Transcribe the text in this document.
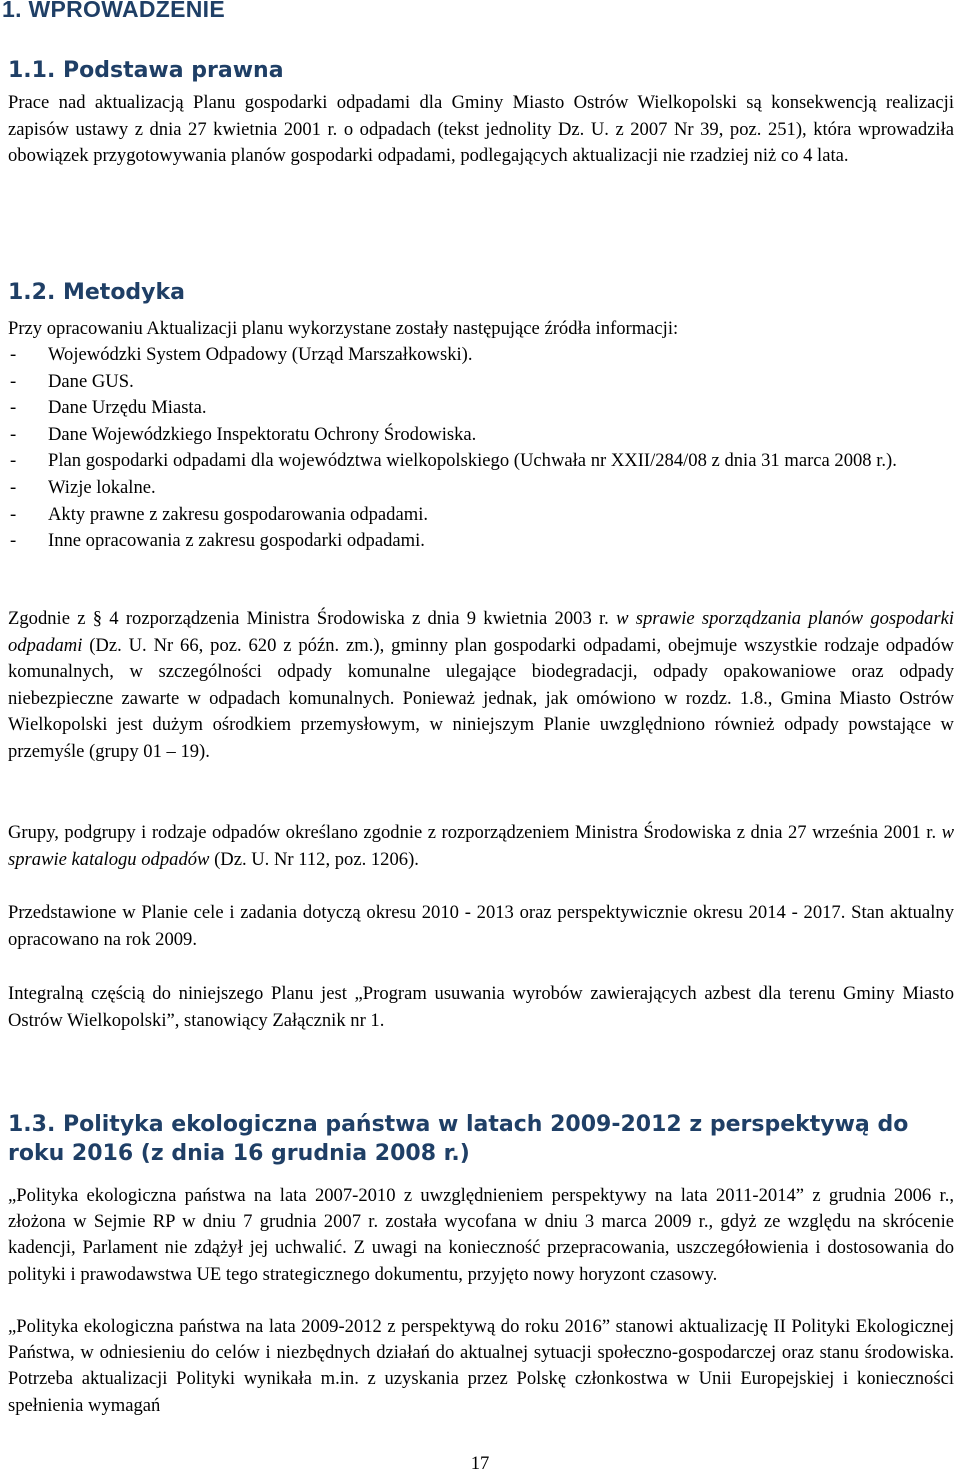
1. WPROWADZENIE
1.1. Podstawa prawna

Prace nad aktualizacją Planu gospodarki odpadami dla Gminy Miasto Ostrów Wielkopolski są konsekwencją realizacji zapisów ustawy z dnia 27 kwietnia 2001 r. o odpadach (tekst jednolity Dz. U. z 2007 Nr 39, poz. 251), która wprowadziła obowiązek przygotowywania planów gospodarki odpadami, podlegających aktualizacji nie rzadziej niż co 4 lata.

1.2. Metodyka

Przy opracowaniu Aktualizacji planu wykorzystane zostały następujące źródła informacji:

-	Wojewódzki System Odpadowy (Urząd Marszałkowski).
-	Dane GUS.
-	Dane Urzędu Miasta.
-	Dane Wojewódzkiego Inspektoratu Ochrony Środowiska.
-	Plan gospodarki odpadami dla województwa wielkopolskiego (Uchwała nr XXII/284/08 z dnia 31 marca 2008 r.).
-	Wizje lokalne.
-	Akty prawne z zakresu gospodarowania odpadami.
-	Inne opracowania z zakresu gospodarki odpadami.

Zgodnie z § 4 rozporządzenia Ministra Środowiska z dnia 9 kwietnia 2003 r. w sprawie sporządzania planów gospodarki odpadami (Dz. U. Nr 66, poz. 620 z późn. zm.), gminny plan gospodarki odpadami, obejmuje wszystkie rodzaje odpadów komunalnych, w szczególności odpady komunalne ulegające biodegradacji, odpady opakowaniowe oraz odpady niebezpieczne zawarte w odpadach komunalnych. Ponieważ jednak, jak omówiono w rozdz. 1.8., Gmina Miasto Ostrów Wielkopolski jest dużym ośrodkiem przemysłowym, w niniejszym Planie uwzględniono również odpady powstające w przemyśle (grupy 01 – 19).

Grupy, podgrupy i rodzaje odpadów określano zgodnie z rozporządzeniem Ministra Środowiska z dnia 27 września 2001 r. w sprawie katalogu odpadów (Dz. U. Nr 112, poz. 1206).

Przedstawione w Planie cele i zadania dotyczą okresu 2010 - 2013 oraz perspektywicznie okresu 2014 - 2017. Stan aktualny opracowano na rok 2009.

Integralną częścią do niniejszego Planu jest „Program usuwania wyrobów zawierających azbest dla terenu Gminy Miasto Ostrów Wielkopolski”, stanowiący Załącznik nr 1.

1.3. Polityka ekologiczna państwa w latach 2009-2012 z perspektywą do roku 2016 (z dnia 16 grudnia 2008 r.)

„Polityka ekologiczna państwa na lata 2007-2010 z uwzględnieniem perspektywy na lata 2011-2014” z grudnia 2006 r., złożona w Sejmie RP w dniu 7 grudnia 2007 r. została wycofana w dniu 3 marca 2009 r., gdyż ze względu na skrócenie kadencji, Parlament nie zdążył jej uchwalić. Z uwagi na konieczność przepracowania, uszczegółowienia i dostosowania do polityki i prawodawstwa UE tego strategicznego dokumentu, przyjęto nowy horyzont czasowy.

„Polityka ekologiczna państwa na lata 2009-2012 z perspektywą do roku 2016” stanowi aktualizację II Polityki Ekologicznej Państwa, w odniesieniu do celów i niezbędnych działań do aktualnej sytuacji społeczno-gospodarczej oraz stanu środowiska. Potrzeba aktualizacji Polityki wynikała m.in. z uzyskania przez Polskę członkostwa w Unii Europejskiej i konieczności spełnienia wymagań

17
